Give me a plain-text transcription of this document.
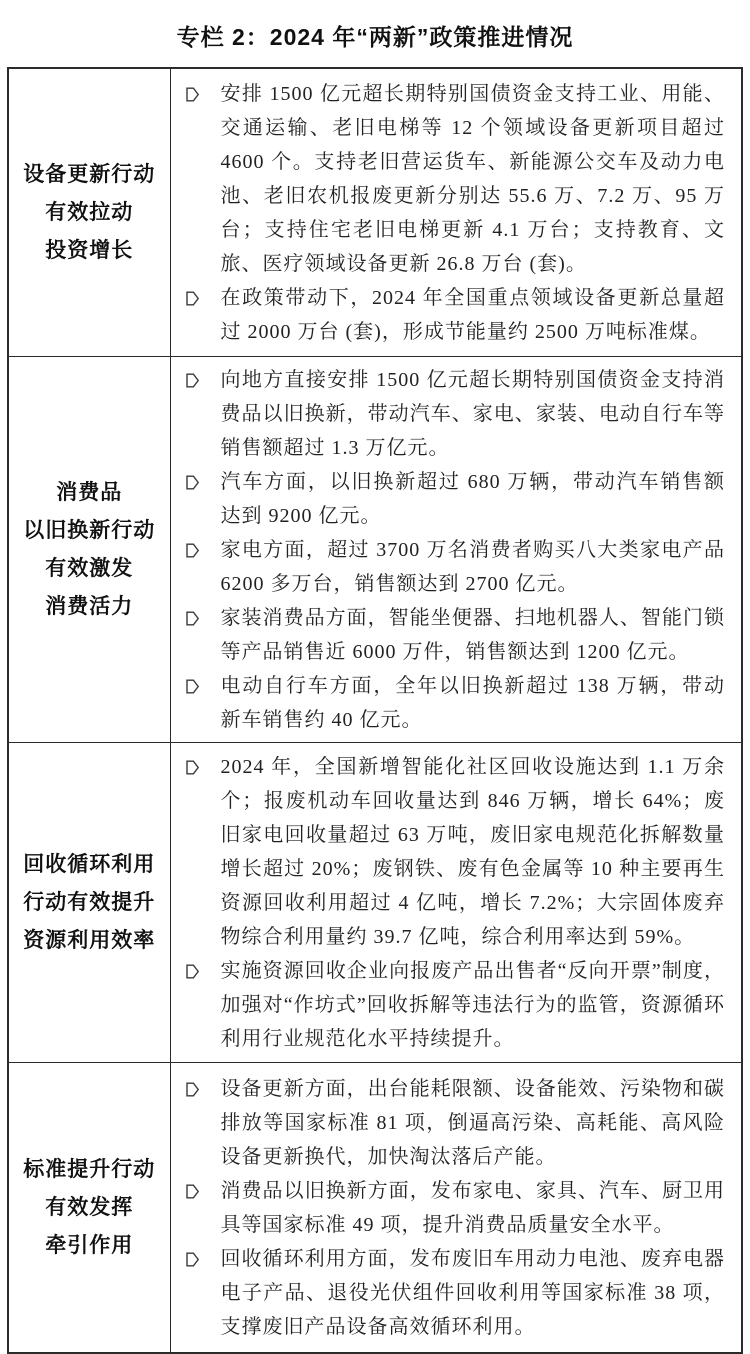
专栏 2：2024 年“两新”政策推进情况
设备更新行动
有效拉动
投资增长

安排 1500 亿元超长期特别国债资金支持工业、用能、交通运输、老旧电梯等 12 个领域设备更新项目超过 4600 个。支持老旧营运货车、新能源公交车及动力电池、老旧农机报废更新分别达 55.6 万、7.2 万、95 万台；支持住宅老旧电梯更新 4.1 万台；支持教育、文旅、医疗领域设备更新 26.8 万台 (套)。
在政策带动下，2024 年全国重点领域设备更新总量超过 2000 万台 (套)，形成节能量约 2500 万吨标准煤。

消费品
以旧换新行动
有效激发
消费活力

向地方直接安排 1500 亿元超长期特别国债资金支持消费品以旧换新，带动汽车、家电、家装、电动自行车等销售额超过 1.3 万亿元。
汽车方面，以旧换新超过 680 万辆，带动汽车销售额达到 9200 亿元。
家电方面，超过 3700 万名消费者购买八大类家电产品 6200 多万台，销售额达到 2700 亿元。
家装消费品方面，智能坐便器、扫地机器人、智能门锁等产品销售近 6000 万件，销售额达到 1200 亿元。
电动自行车方面，全年以旧换新超过 138 万辆，带动新车销售约 40 亿元。

回收循环利用
行动有效提升
资源利用效率

2024 年，全国新增智能化社区回收设施达到 1.1 万余个；报废机动车回收量达到 846 万辆，增长 64%；废旧家电回收量超过 63 万吨，废旧家电规范化拆解数量增长超过 20%；废钢铁、废有色金属等 10 种主要再生资源回收利用超过 4 亿吨，增长 7.2%；大宗固体废弃物综合利用量约 39.7 亿吨，综合利用率达到 59%。
实施资源回收企业向报废产品出售者“反向开票”制度，加强对“作坊式”回收拆解等违法行为的监管，资源循环利用行业规范化水平持续提升。

标准提升行动
有效发挥
牵引作用

设备更新方面，出台能耗限额、设备能效、污染物和碳排放等国家标准 81 项，倒逼高污染、高耗能、高风险设备更新换代，加快淘汰落后产能。
消费品以旧换新方面，发布家电、家具、汽车、厨卫用具等国家标准 49 项，提升消费品质量安全水平。
回收循环利用方面，发布废旧车用动力电池、废弃电器电子产品、退役光伏组件回收利用等国家标准 38 项，支撑废旧产品设备高效循环利用。
